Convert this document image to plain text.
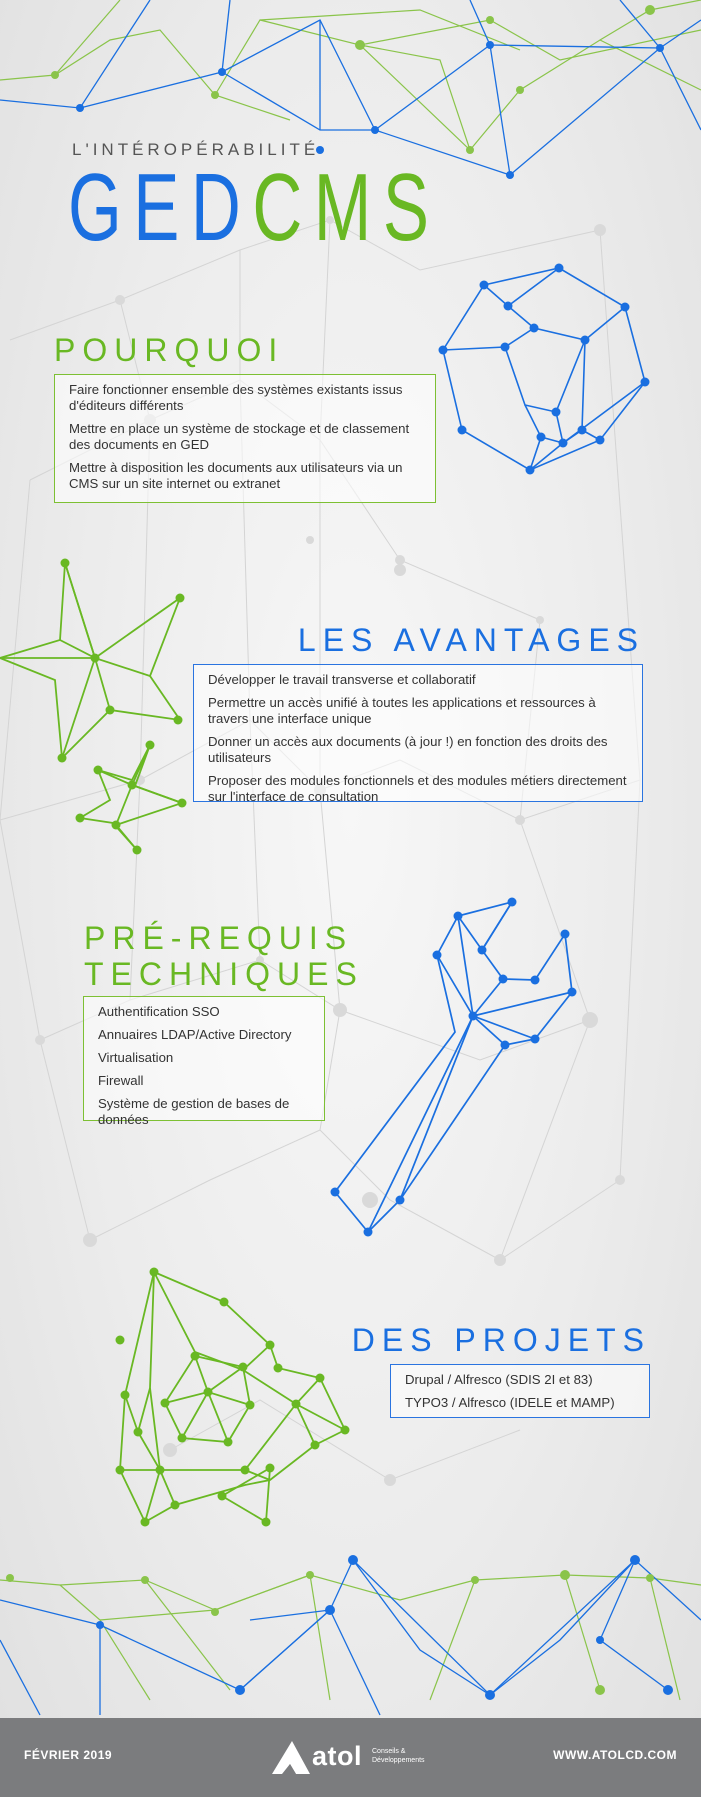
L'INTÉROPÉRABILITÉ
GEDCMS
POURQUOI
Faire fonctionner ensemble des systèmes existants issus d'éditeurs différents
Mettre en place un système de stockage et de classement des documents en GED
Mettre à disposition les documents aux utilisateurs via un CMS sur un site internet ou extranet
LES AVANTAGES
Développer le travail transverse et collaboratif
Permettre un accès unifié à toutes les applications et ressources à travers une interface unique
Donner un accès aux documents (à jour !) en fonction des droits des utilisateurs
Proposer des modules fonctionnels et des modules métiers directement sur l'interface de consultation
PRÉ-REQUIS
TECHNIQUES
Authentification SSO
Annuaires LDAP/Active Directory
Virtualisation
Firewall
Système de gestion de bases de données
DES PROJETS
Drupal / Alfresco (SDIS 2I et 83)
TYPO3 / Alfresco (IDELE et MAMP)
FÉVRIER 2019	atol Conseils & Développements	WWW.ATOLCD.COM
